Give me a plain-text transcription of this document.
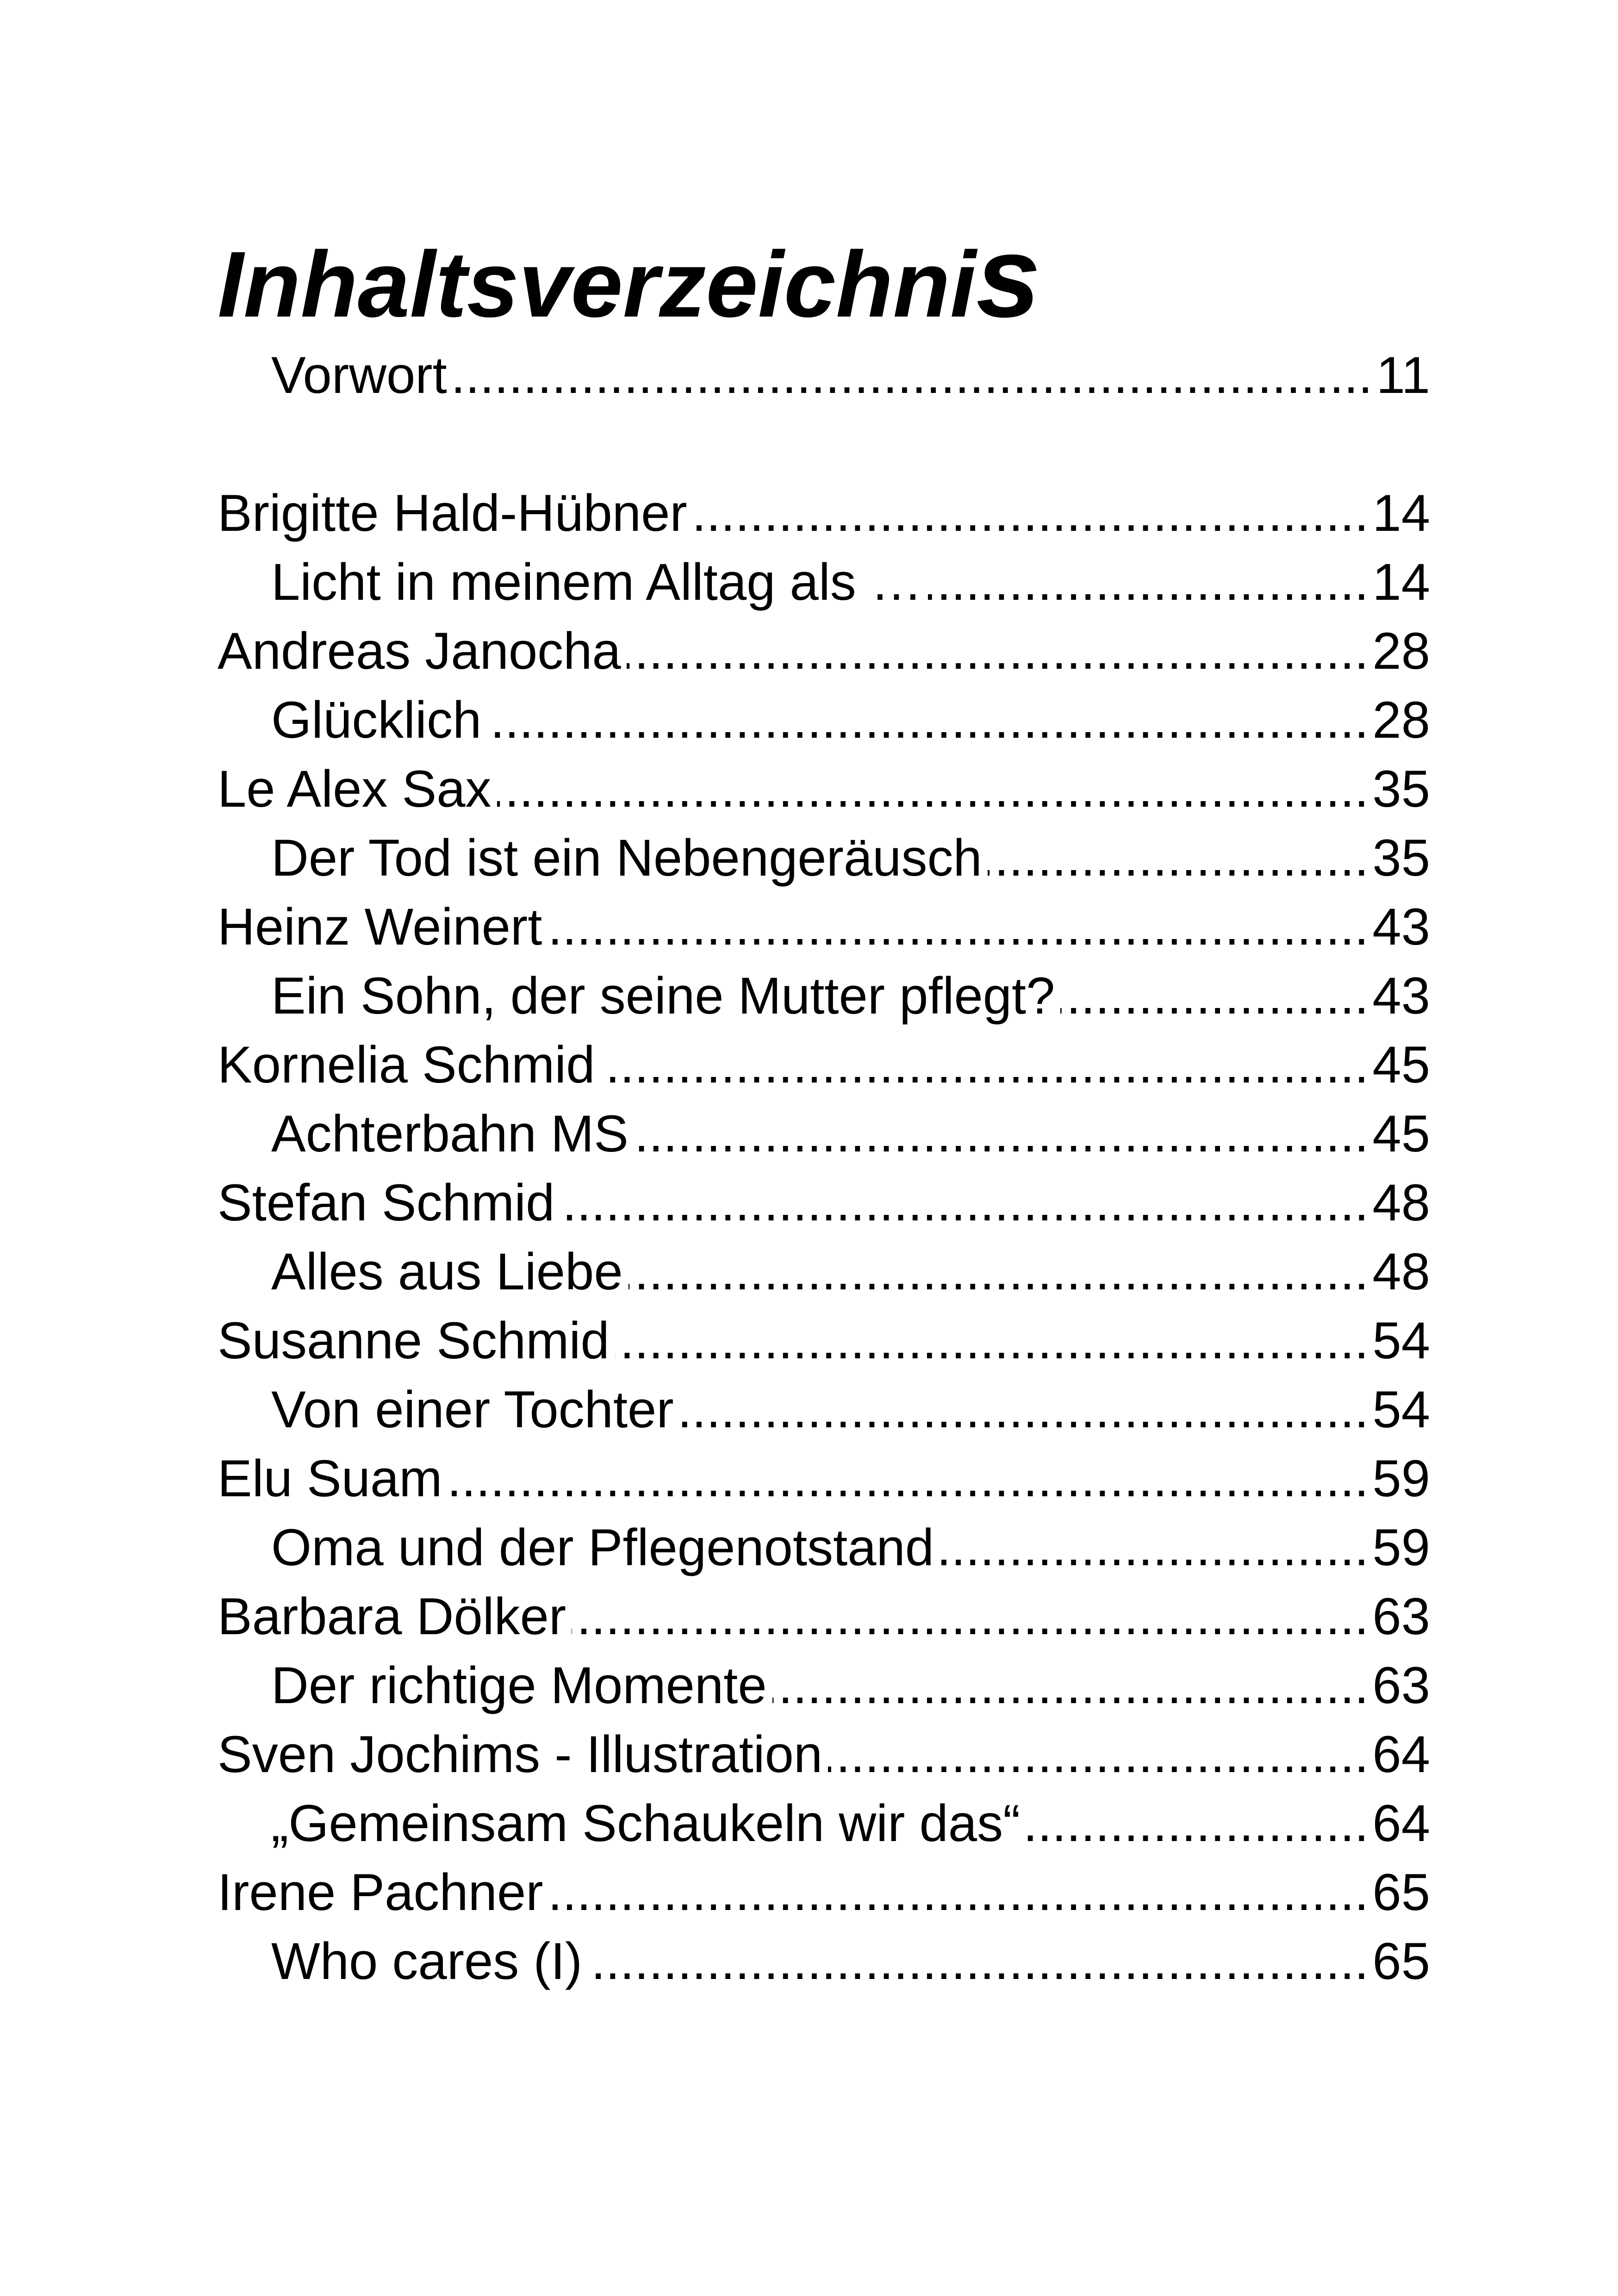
Inhaltsverzeichnis
Vorwort .....	11
Brigitte Hald-Hübner .....	14
Licht in meinem Alltag als … .....	14
Andreas Janocha .....	28
Glücklich .....	28
Le Alex Sax .....	35
Der Tod ist ein Nebengeräusch .....	35
Heinz Weinert .....	43
Ein Sohn, der seine Mutter pflegt? .....	43
Kornelia Schmid .....	45
Achterbahn MS .....	45
Stefan Schmid .....	48
Alles aus Liebe .....	48
Susanne Schmid .....	54
Von einer Tochter .....	54
Elu Suam .....	59
Oma und der Pflegenotstand .....	59
Barbara Dölker .....	63
Der richtige Momente .....	63
Sven Jochims - Illustration .....	64
„Gemeinsam Schaukeln wir das“ .....	64
Irene Pachner .....	65
Who cares (I) .....	65
